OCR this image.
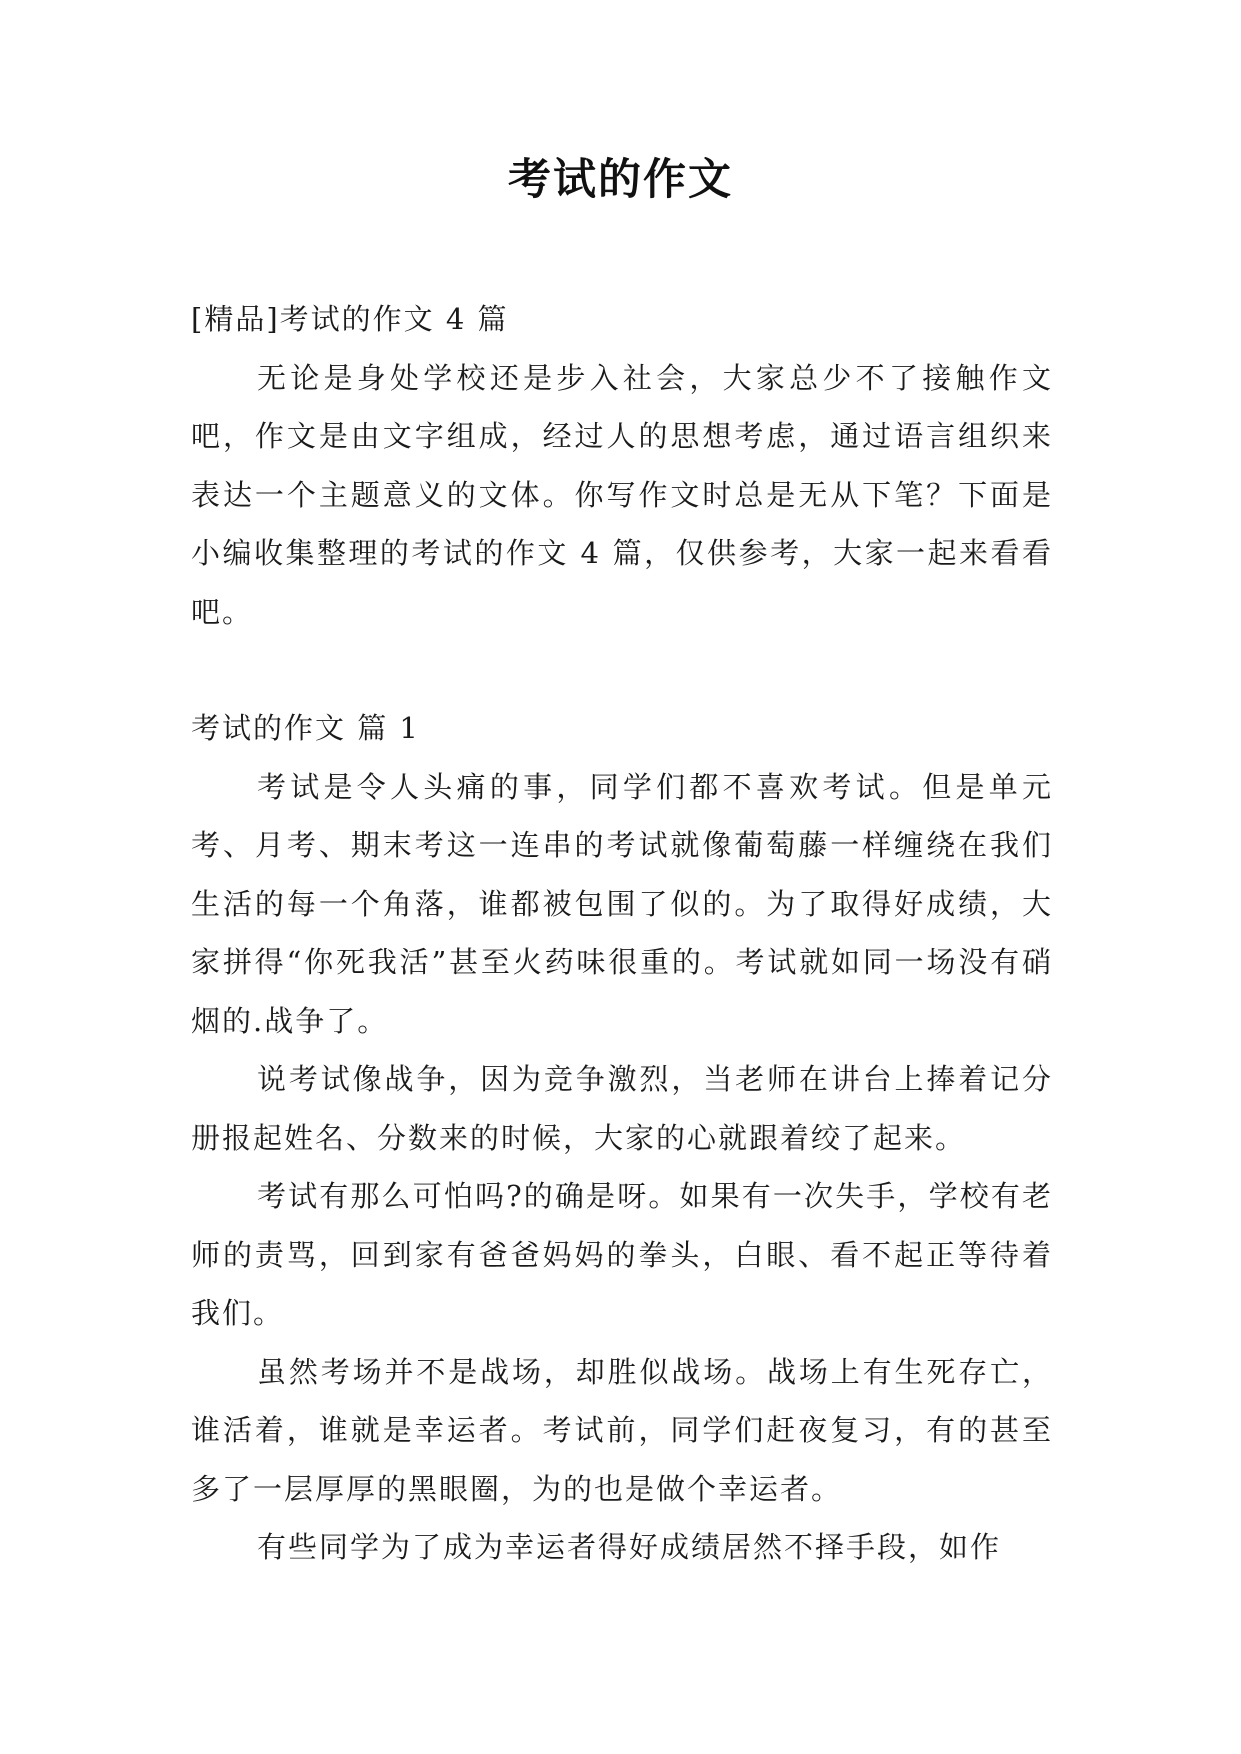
考试的作文

[精品]考试的作文 4 篇

无论是身处学校还是步入社会，大家总少不了接触作文吧，作文是由文字组成，经过人的思想考虑，通过语言组织来表达一个主题意义的文体。你写作文时总是无从下笔？下面是小编收集整理的考试的作文 4 篇，仅供参考，大家一起来看看吧。

考试的作文 篇 1

考试是令人头痛的事，同学们都不喜欢考试。但是单元考、月考、期末考这一连串的考试就像葡萄藤一样缠绕在我们生活的每一个角落，谁都被包围了似的。为了取得好成绩，大家拼得“你死我活”甚至火药味很重的。考试就如同一场没有硝烟的.战争了。

说考试像战争，因为竞争激烈，当老师在讲台上捧着记分册报起姓名、分数来的时候，大家的心就跟着绞了起来。

考试有那么可怕吗?的确是呀。如果有一次失手，学校有老师的责骂，回到家有爸爸妈妈的拳头，白眼、看不起正等待着我们。

虽然考场并不是战场，却胜似战场。战场上有生死存亡，谁活着，谁就是幸运者。考试前，同学们赶夜复习，有的甚至多了一层厚厚的黑眼圈，为的也是做个幸运者。

有些同学为了成为幸运者得好成绩居然不择手段，如作
